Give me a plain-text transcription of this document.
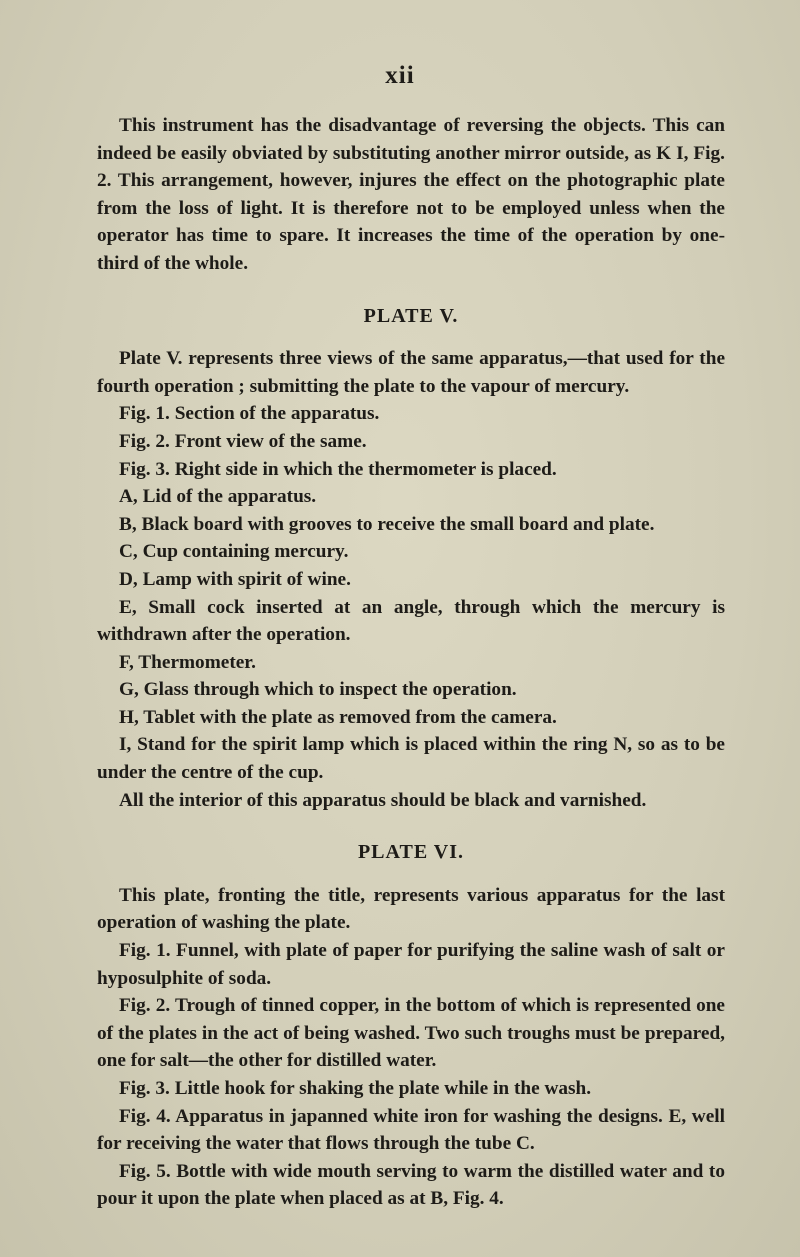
xii

This instrument has the disadvantage of reversing the objects. This can indeed be easily obviated by substituting another mirror outside, as K I, Fig. 2. This arrangement, however, injures the effect on the photographic plate from the loss of light. It is therefore not to be employed unless when the operator has time to spare. It increases the time of the operation by one-third of the whole.

PLATE V.

Plate V. represents three views of the same apparatus,—that used for the fourth operation ; submitting the plate to the vapour of mercury.

Fig. 1. Section of the apparatus.

Fig. 2. Front view of the same.

Fig. 3. Right side in which the thermometer is placed.

A, Lid of the apparatus.

B, Black board with grooves to receive the small board and plate.

C, Cup containing mercury.

D, Lamp with spirit of wine.

E, Small cock inserted at an angle, through which the mercury is withdrawn after the operation.

F, Thermometer.

G, Glass through which to inspect the operation.

H, Tablet with the plate as removed from the camera.

I, Stand for the spirit lamp which is placed within the ring N, so as to be under the centre of the cup.

All the interior of this apparatus should be black and varnished.

PLATE VI.

This plate, fronting the title, represents various apparatus for the last operation of washing the plate.

Fig. 1. Funnel, with plate of paper for purifying the saline wash of salt or hyposulphite of soda.

Fig. 2. Trough of tinned copper, in the bottom of which is represented one of the plates in the act of being washed. Two such troughs must be prepared, one for salt—the other for distilled water.

Fig. 3. Little hook for shaking the plate while in the wash.

Fig. 4. Apparatus in japanned white iron for washing the designs. E, well for receiving the water that flows through the tube C.

Fig. 5. Bottle with wide mouth serving to warm the distilled water and to pour it upon the plate when placed as at B, Fig. 4.
